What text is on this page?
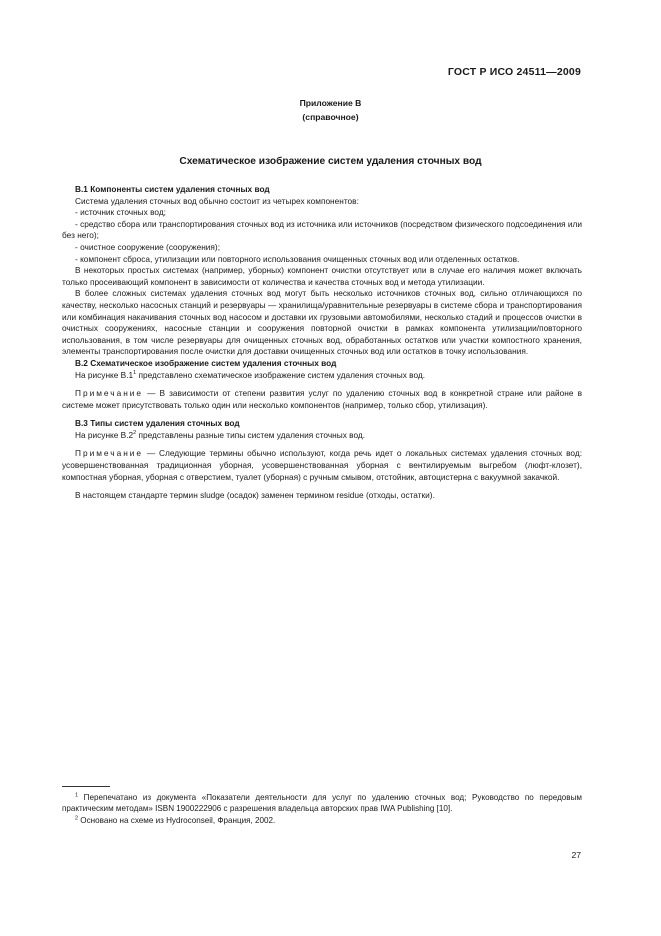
ГОСТ Р ИСО 24511—2009
Приложение В
(справочное)
Схематическое изображение систем удаления сточных вод

В.1 Компоненты систем удаления сточных вод

Система удаления сточных вод обычно состоит из четырех компонентов:

- источник сточных вод;

- средство сбора или транспортирования сточных вод из источника или источников (посредством физического подсоединения или без него);

- очистное сооружение (сооружения);

- компонент сброса, утилизации или повторного использования очищенных сточных вод или отделенных остатков.

В некоторых простых системах (например, уборных) компонент очистки отсутствует или в случае его наличия может включать только просеивающий компонент в зависимости от количества и качества сточных вод и метода утилизации.

В более сложных системах удаления сточных вод могут быть несколько источников сточных вод, сильно отличающихся по качеству, несколько насосных станций и резервуары — хранилища/уравнительные резервуары в системе сбора и транспортирования или комбинация накачивания сточных вод насосом и доставки их грузовыми автомобилями, несколько стадий и процессов очистки в очистных сооружениях, насосные станции и сооружения повторной очистки в рамках компонента утилизации/повторного использования, в том числе резервуары для очищенных сточных вод, обработанных остатков или участки компостного хранения, элементы транспортирования после очистки для доставки очищенных сточных вод или остатков в точку использования.

В.2 Схематическое изображение систем удаления сточных вод

На рисунке $В.1^1$ представлено схематическое изображение систем удаления сточных вод.

Примечание — В зависимости от степени развития услуг по удалению сточных вод в конкретной стране или районе в системе может присутствовать только один или несколько компонентов (например, только сбор, утилизация).

В.3 Типы систем удаления сточных вод

На рисунке $В.2^2$ представлены разные типы систем удаления сточных вод.

Примечание — Следующие термины обычно используют, когда речь идет о локальных системах удаления сточных вод: усовершенствованная традиционная уборная, усовершенствованная уборная с вентилируемым выгребом (люфт-клозет), компостная уборная, уборная с отверстием, туалет (уборная) с ручным смывом, отстойник, автоцистерна с вакуумной закачкой.

В настоящем стандарте термин sludge (осадок) заменен термином residue (отходы, остатки).

$^1$ Перепечатано из документа «Показатели деятельности для услуг по удалению сточных вод; Руководство по передовым практическим методам» ISBN 1900222906 с разрешения владельца авторских прав IWA Publishing [10].

$^2$ Основано на схеме из Hydroconseil, Франция, 2002.

27
